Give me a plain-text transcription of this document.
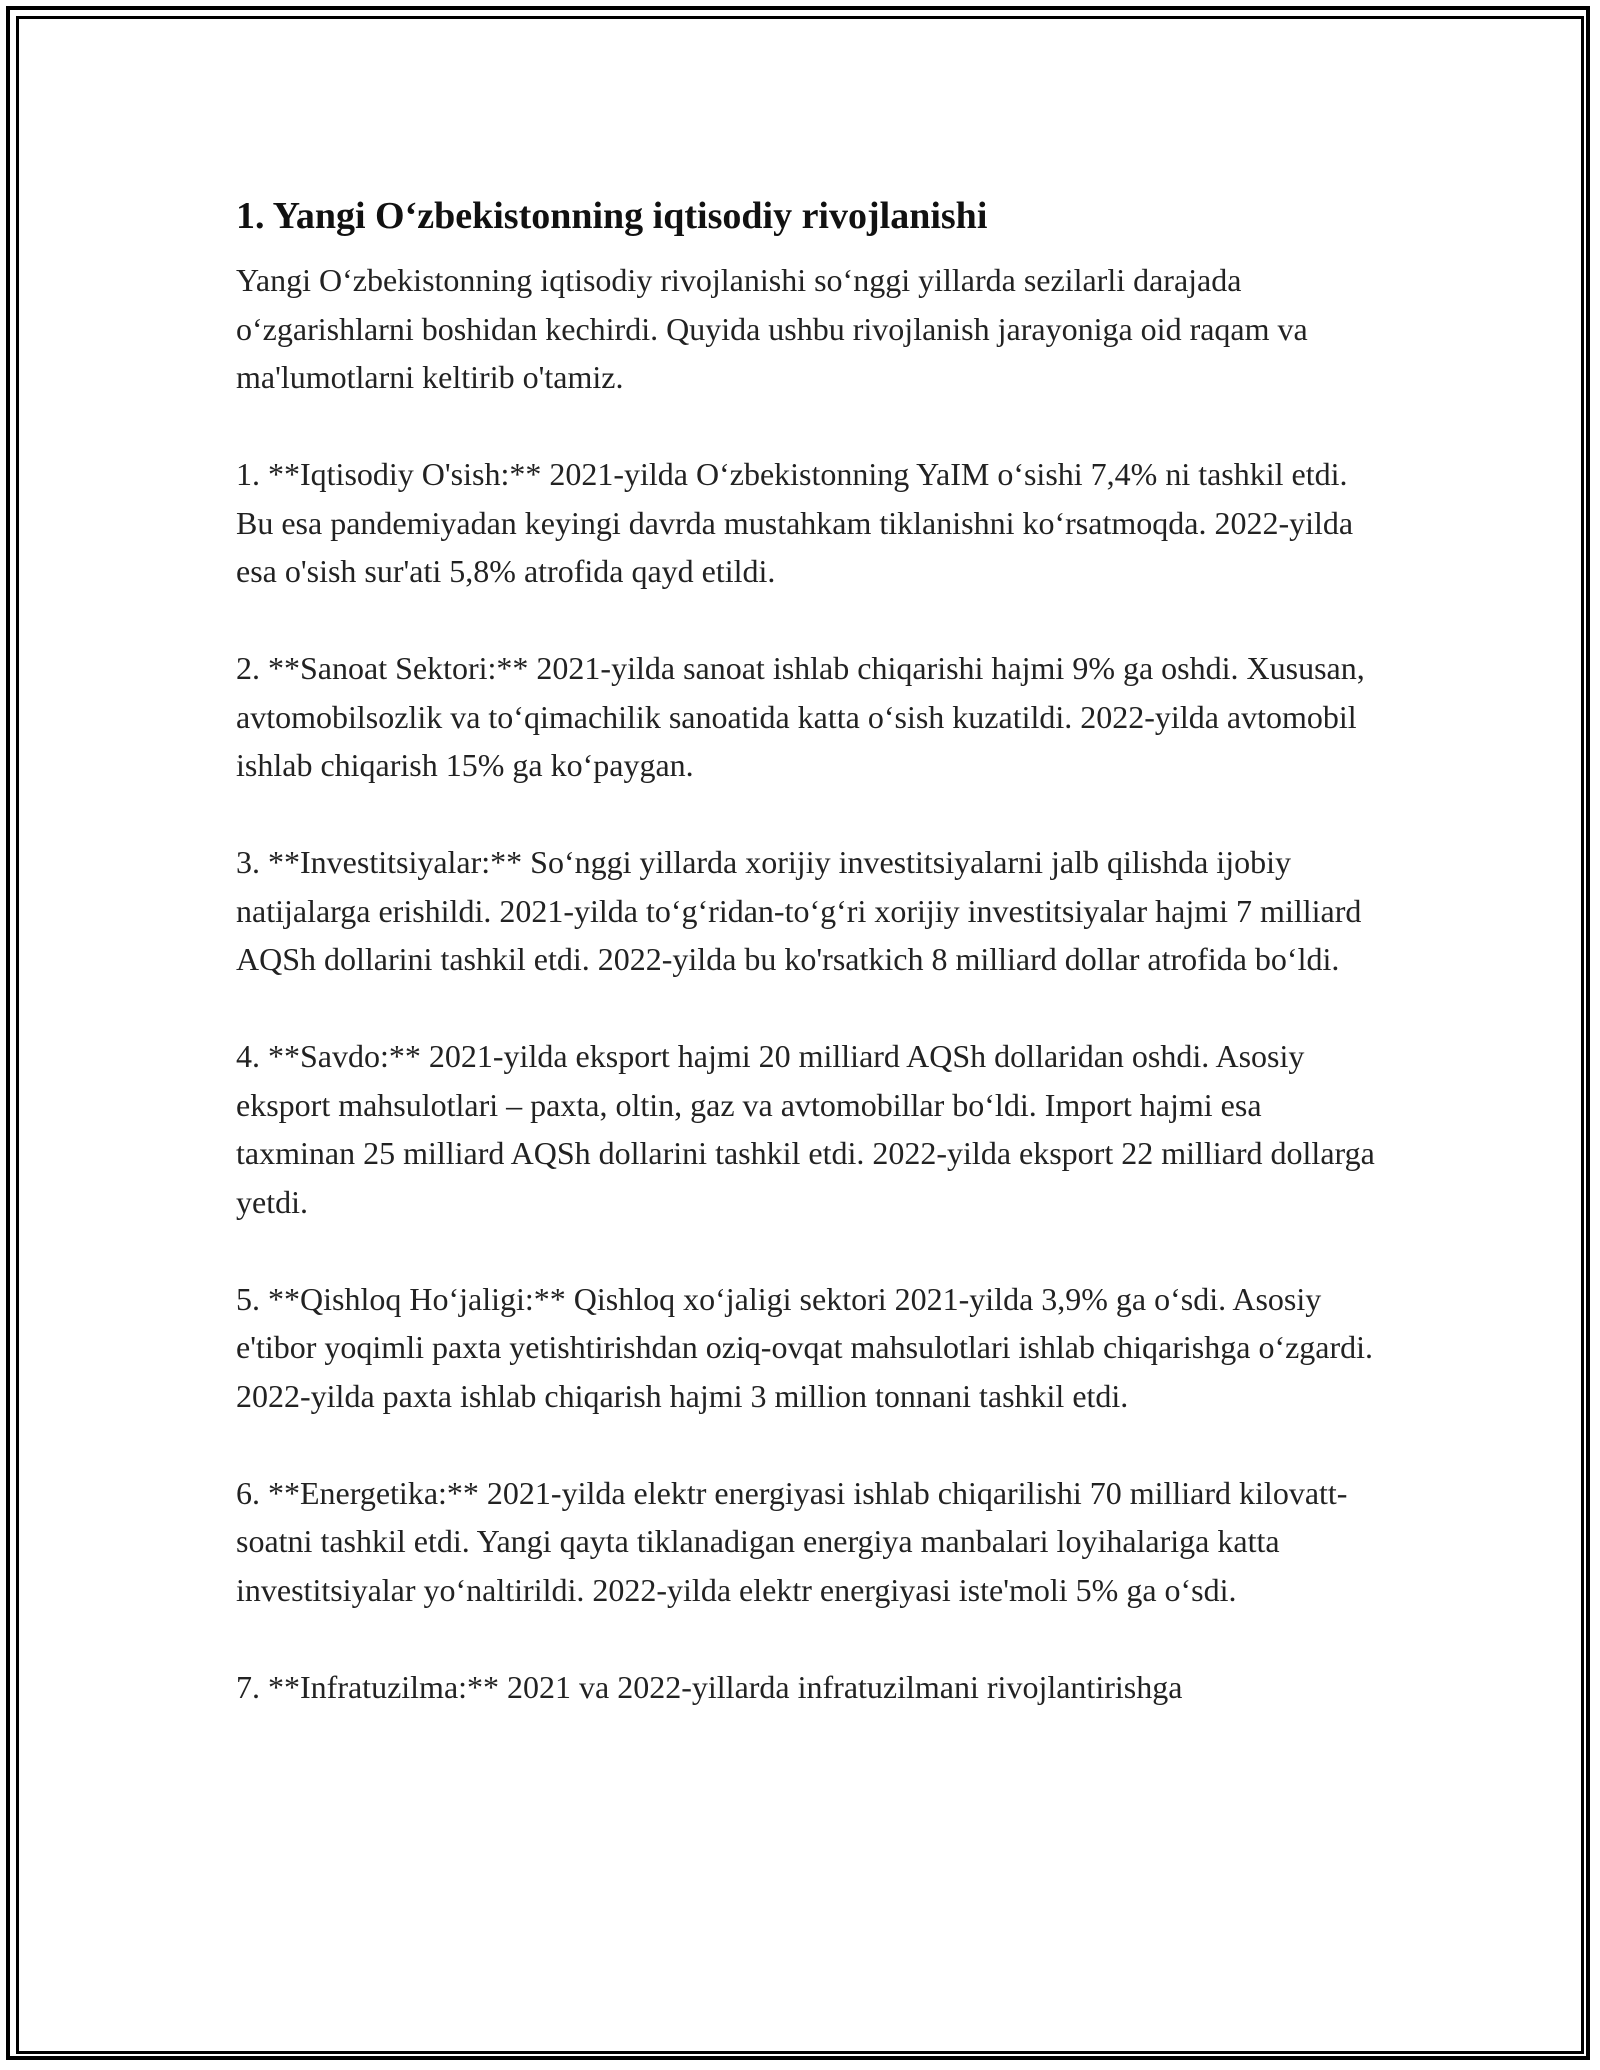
1. Yangi O‘zbekistonning iqtisodiy rivojlanishi

Yangi O‘zbekistonning iqtisodiy rivojlanishi so‘nggi yillarda sezilarli darajada o‘zgarishlarni boshidan kechirdi. Quyida ushbu rivojlanish jarayoniga oid raqam va ma'lumotlarni keltirib o'tamiz.

1. **Iqtisodiy O'sish:** 2021-yilda O‘zbekistonning YaIM o‘sishi 7,4% ni tashkil etdi. Bu esa pandemiyadan keyingi davrda mustahkam tiklanishni ko‘rsatmoqda. 2022-yilda esa o'sish sur'ati 5,8% atrofida qayd etildi.

2. **Sanoat Sektori:** 2021-yilda sanoat ishlab chiqarishi hajmi 9% ga oshdi. Xususan, avtomobilsozlik va to‘qimachilik sanoatida katta o‘sish kuzatildi. 2022-yilda avtomobil ishlab chiqarish 15% ga ko‘paygan.

3. **Investitsiyalar:** So‘nggi yillarda xorijiy investitsiyalarni jalb qilishda ijobiy natijalarga erishildi. 2021-yilda to‘g‘ridan-to‘g‘ri xorijiy investitsiyalar hajmi 7 milliard AQSh dollarini tashkil etdi. 2022-yilda bu ko'rsatkich 8 milliard dollar atrofida bo‘ldi.

4. **Savdo:** 2021-yilda eksport hajmi 20 milliard AQSh dollaridan oshdi. Asosiy eksport mahsulotlari – paxta, oltin, gaz va avtomobillar bo‘ldi. Import hajmi esa taxminan 25 milliard AQSh dollarini tashkil etdi. 2022-yilda eksport 22 milliard dollarga yetdi.

5. **Qishloq Ho‘jaligi:** Qishloq xo‘jaligi sektori 2021-yilda 3,9% ga o‘sdi. Asosiy e'tibor yoqimli paxta yetishtirishdan oziq-ovqat mahsulotlari ishlab chiqarishga o‘zgardi. 2022-yilda paxta ishlab chiqarish hajmi 3 million tonnani tashkil etdi.

6. **Energetika:** 2021-yilda elektr energiyasi ishlab chiqarilishi 70 milliard kilovatt-soatni tashkil etdi. Yangi qayta tiklanadigan energiya manbalari loyihalariga katta investitsiyalar yo‘naltirildi. 2022-yilda elektr energiyasi iste'moli 5% ga o‘sdi.

7. **Infratuzilma:** 2021 va 2022-yillarda infratuzilmani rivojlantirishga
